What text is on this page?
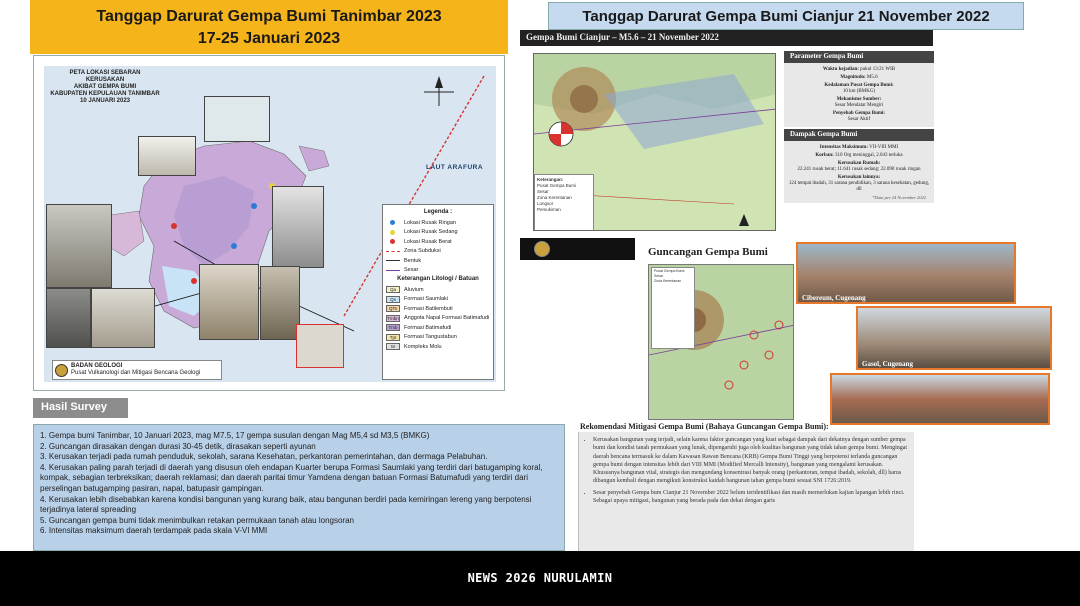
Tanggap Darurat Gempa Bumi Tanimbar 2023
17-25 Januari 2023
PETA LOKASI SEBARAN KERUSAKAN
AKIBAT GEMPA BUMI
KABUPATEN KEPULAUAN TANIMBAR
10 JANUARI 2023
LAUT ARAFURA
Legenda :
Lokasi Rusak Ringan
Lokasi Rusak Sedang
Lokasi Rusak Berat
Zona Subduksi
Bentuk
Sesar
Keterangan Litologi / Batuan
Qa	Aluvium
Qs	Formasi Saumlaki
QTs	Formasi Batilembuti
Tmbn Anggota Napal Formasi Batimafudi
Tmb	Formasi Batimafudi
Tpt	Formasi Tangustabun
M	Kompleks Molu
BADAN GEOLOGI
Pusat Vulkanologi dan Mitigasi Bencana Geologi
Hasil Survey

1. Gempa bumi Tanimbar, 10 Januari 2023, mag M7.5, 17 gempa susulan dengan Mag M5,4 sd M3,5 (BMKG)

2. Guncangan dirasakan dengan durasi 30-45 detik, dirasakan seperti ayunan

3. Kerusakan terjadi pada rumah penduduk, sekolah, sarana Kesehatan, perkantoran pemerintahan, dan dermaga Pelabuhan.

4. Kerusakan paling parah terjadi di daerah yang disusun oleh endapan Kuarter berupa Formasi Saumlaki yang terdiri dari batugamping koral, kompak, sebagian terbreksikan; daerah reklamasi; dan daerah paritai timur Yamdena dengan batuan Formasi Batumafudi yang terdiri dari perselingan batugamping pasiran, napal, batupasir gampingan.

4. Kerusakan lebih disebabkan karena kondisi bangunan yang kurang baik, atau bangunan berdiri pada kemiringan lereng yang berpotensi terjadinya lateral spreading

5. Guncangan gempa bumi tidak menimbulkan retakan permukaan tanah atau longsoran

6. Intensitas maksimum daerah terdampak pada skala V-VI MMI

Tanggap Darurat Gempa Bumi Cianjur 21 November 2022
Gempa Bumi Cianjur – M5.6 – 21 November 2022
Keterangan:
Pusat Gempa Bumi
Sesar
Zona Kerentanan
Longsor
Pemukiman
Parameter Gempa Bumi
Waktu kejadian: pukul 13:21 WIB
Magnitudo: M5.6
Kedalaman Pusat Gempa Bumi:
10 km (BMKG)
Mekanisme Sumber:
Sesar Mendatar Mengiri
Penyebab Gempa Bumi:
Sesar Aktif
Dampak Gempa Bumi
Intensitas Maksimum: VII-VIII MMI
Korban: 310 Org meninggal, 2.043 terluka
Kerusakan Rumah:
22.241 rusak berat; 11.641 rusak sedang; 22.090 rusak ringan
Kerusakan lainnya:
124 tempat ibadah, 31 sarana pendidikan, 3 sarana kesehatan, gedung, dll
*Data per 24 November 2022
Guncangan Gempa Bumi
Pusat Gempa Bumi
Sesar
Zona Kerentanan
Cibereum, Cugenang
Gasol, Cugenang
Rekomendasi Mitigasi Gempa Bumi (Bahaya Guncangan Gempa Bumi):
• Kerusakan bangunan yang terjadi, selain karena faktor guncangan yang kuat sebagai dampak dari dekatnya dengan sumber gempa bumi dan kondisi tanah permukaan yang lunak, dipengaruhi juga oleh kualitas bangunan yang tidak tahan gempa bumi. Mengingat daerah bencana termasuk ke dalam Kawasan Rawan Bencana (KRB) Gempa Bumi Tinggi yang berpotensi terlanda guncangan gempa bumi dengan intensitas lebih dari VIII MMI (Modified Mercalli Intensity), bangunan yang mengalami kerusakan. Khususnya bangunan vital, strategis dan mengundang konsentrasi banyak orang (perkantoran, tempat ibadah, sekolah, dll) harus dibangun kembali dengan mengikuti konstruksi kaidah bangunan tahan gempa bumi sesuai SNI 1726:2019.
• Sesar penyebab Gempa bum Cianjur 21 November 2022 belum teridentifikasi dan masih memerlukan kajian lapangan lebih rinci. Sebagai upaya mitigasi, bangunan yang berada pada dan dekat dengan garis
NEWS 2026 NURULAMIN
